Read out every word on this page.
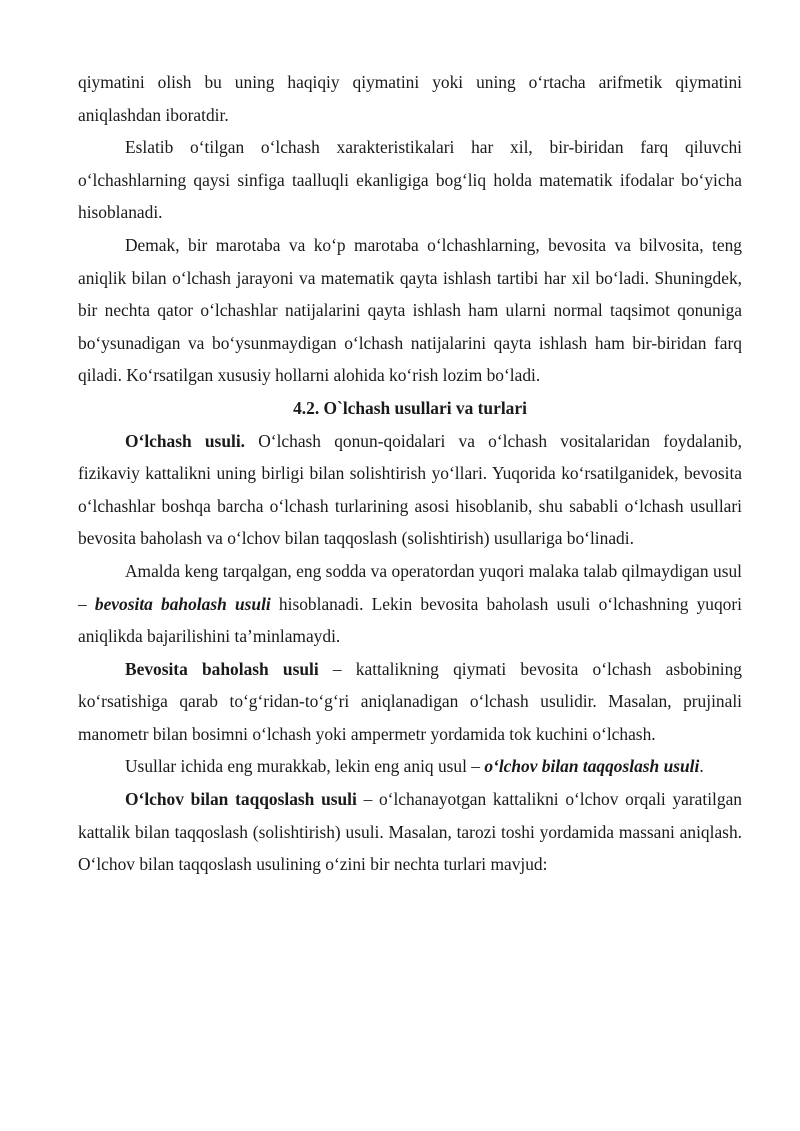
qiymatini olish bu uning haqiqiy qiymatini yoki uning o‘rtacha arifmetik qiymatini aniqlashdan iboratdir.

Eslatib o‘tilgan o‘lchash xarakteristikalari har xil, bir-biridan farq qiluvchi o‘lchashlarning qaysi sinfiga taalluqli ekanligiga bog‘liq holda matematik ifodalar bo‘yicha hisoblanadi.

Demak, bir marotaba va ko‘p marotaba o‘lchashlarning, bevosita va bilvosita, teng aniqlik bilan o‘lchash jarayoni va matematik qayta ishlash tartibi har xil bo‘ladi. Shuningdek, bir nechta qator o‘lchashlar natijalarini qayta ishlash ham ularni normal taqsimot qonuniga bo‘ysunadigan va bo‘ysunmaydigan o‘lchash natijalarini qayta ishlash ham bir-biridan farq qiladi. Ko‘rsatilgan xususiy hollarni alohida ko‘rish lozim bo‘ladi.

4.2. O`lchash usullari va turlari

O‘lchash usuli. O‘lchash qonun-qoidalari va o‘lchash vositalaridan foydalanib, fizikaviy kattalikni uning birligi bilan solishtirish yo‘llari. Yuqorida ko‘rsatilganidek, bevosita o‘lchashlar boshqa barcha o‘lchash turlarining asosi hisoblanib, shu sababli o‘lchash usullari bevosita baholash va o‘lchov bilan taqqoslash (solishtirish) usullariga bo‘linadi.

Amalda keng tarqalgan, eng sodda va operatordan yuqori malaka talab qilmaydigan usul – bevosita baholash usuli hisoblanadi. Lekin bevosita baholash usuli o‘lchashning yuqori aniqlikda bajarilishini ta’minlamaydi.

Bevosita baholash usuli – kattalikning qiymati bevosita o‘lchash asbobining ko‘rsatishiga qarab to‘g‘ridan-to‘g‘ri aniqlanadigan o‘lchash usulidir. Masalan, prujinali manometr bilan bosimni o‘lchash yoki ampermetr yordamida tok kuchini o‘lchash.

Usullar ichida eng murakkab, lekin eng aniq usul – o‘lchov bilan taqqoslash usuli.

O‘lchov bilan taqqoslash usuli – o‘lchanayotgan kattalikni o‘lchov orqali yaratilgan kattalik bilan taqqoslash (solishtirish) usuli. Masalan, tarozi toshi yordamida massani aniqlash. O‘lchov bilan taqqoslash usulining o‘zini bir nechta turlari mavjud:
